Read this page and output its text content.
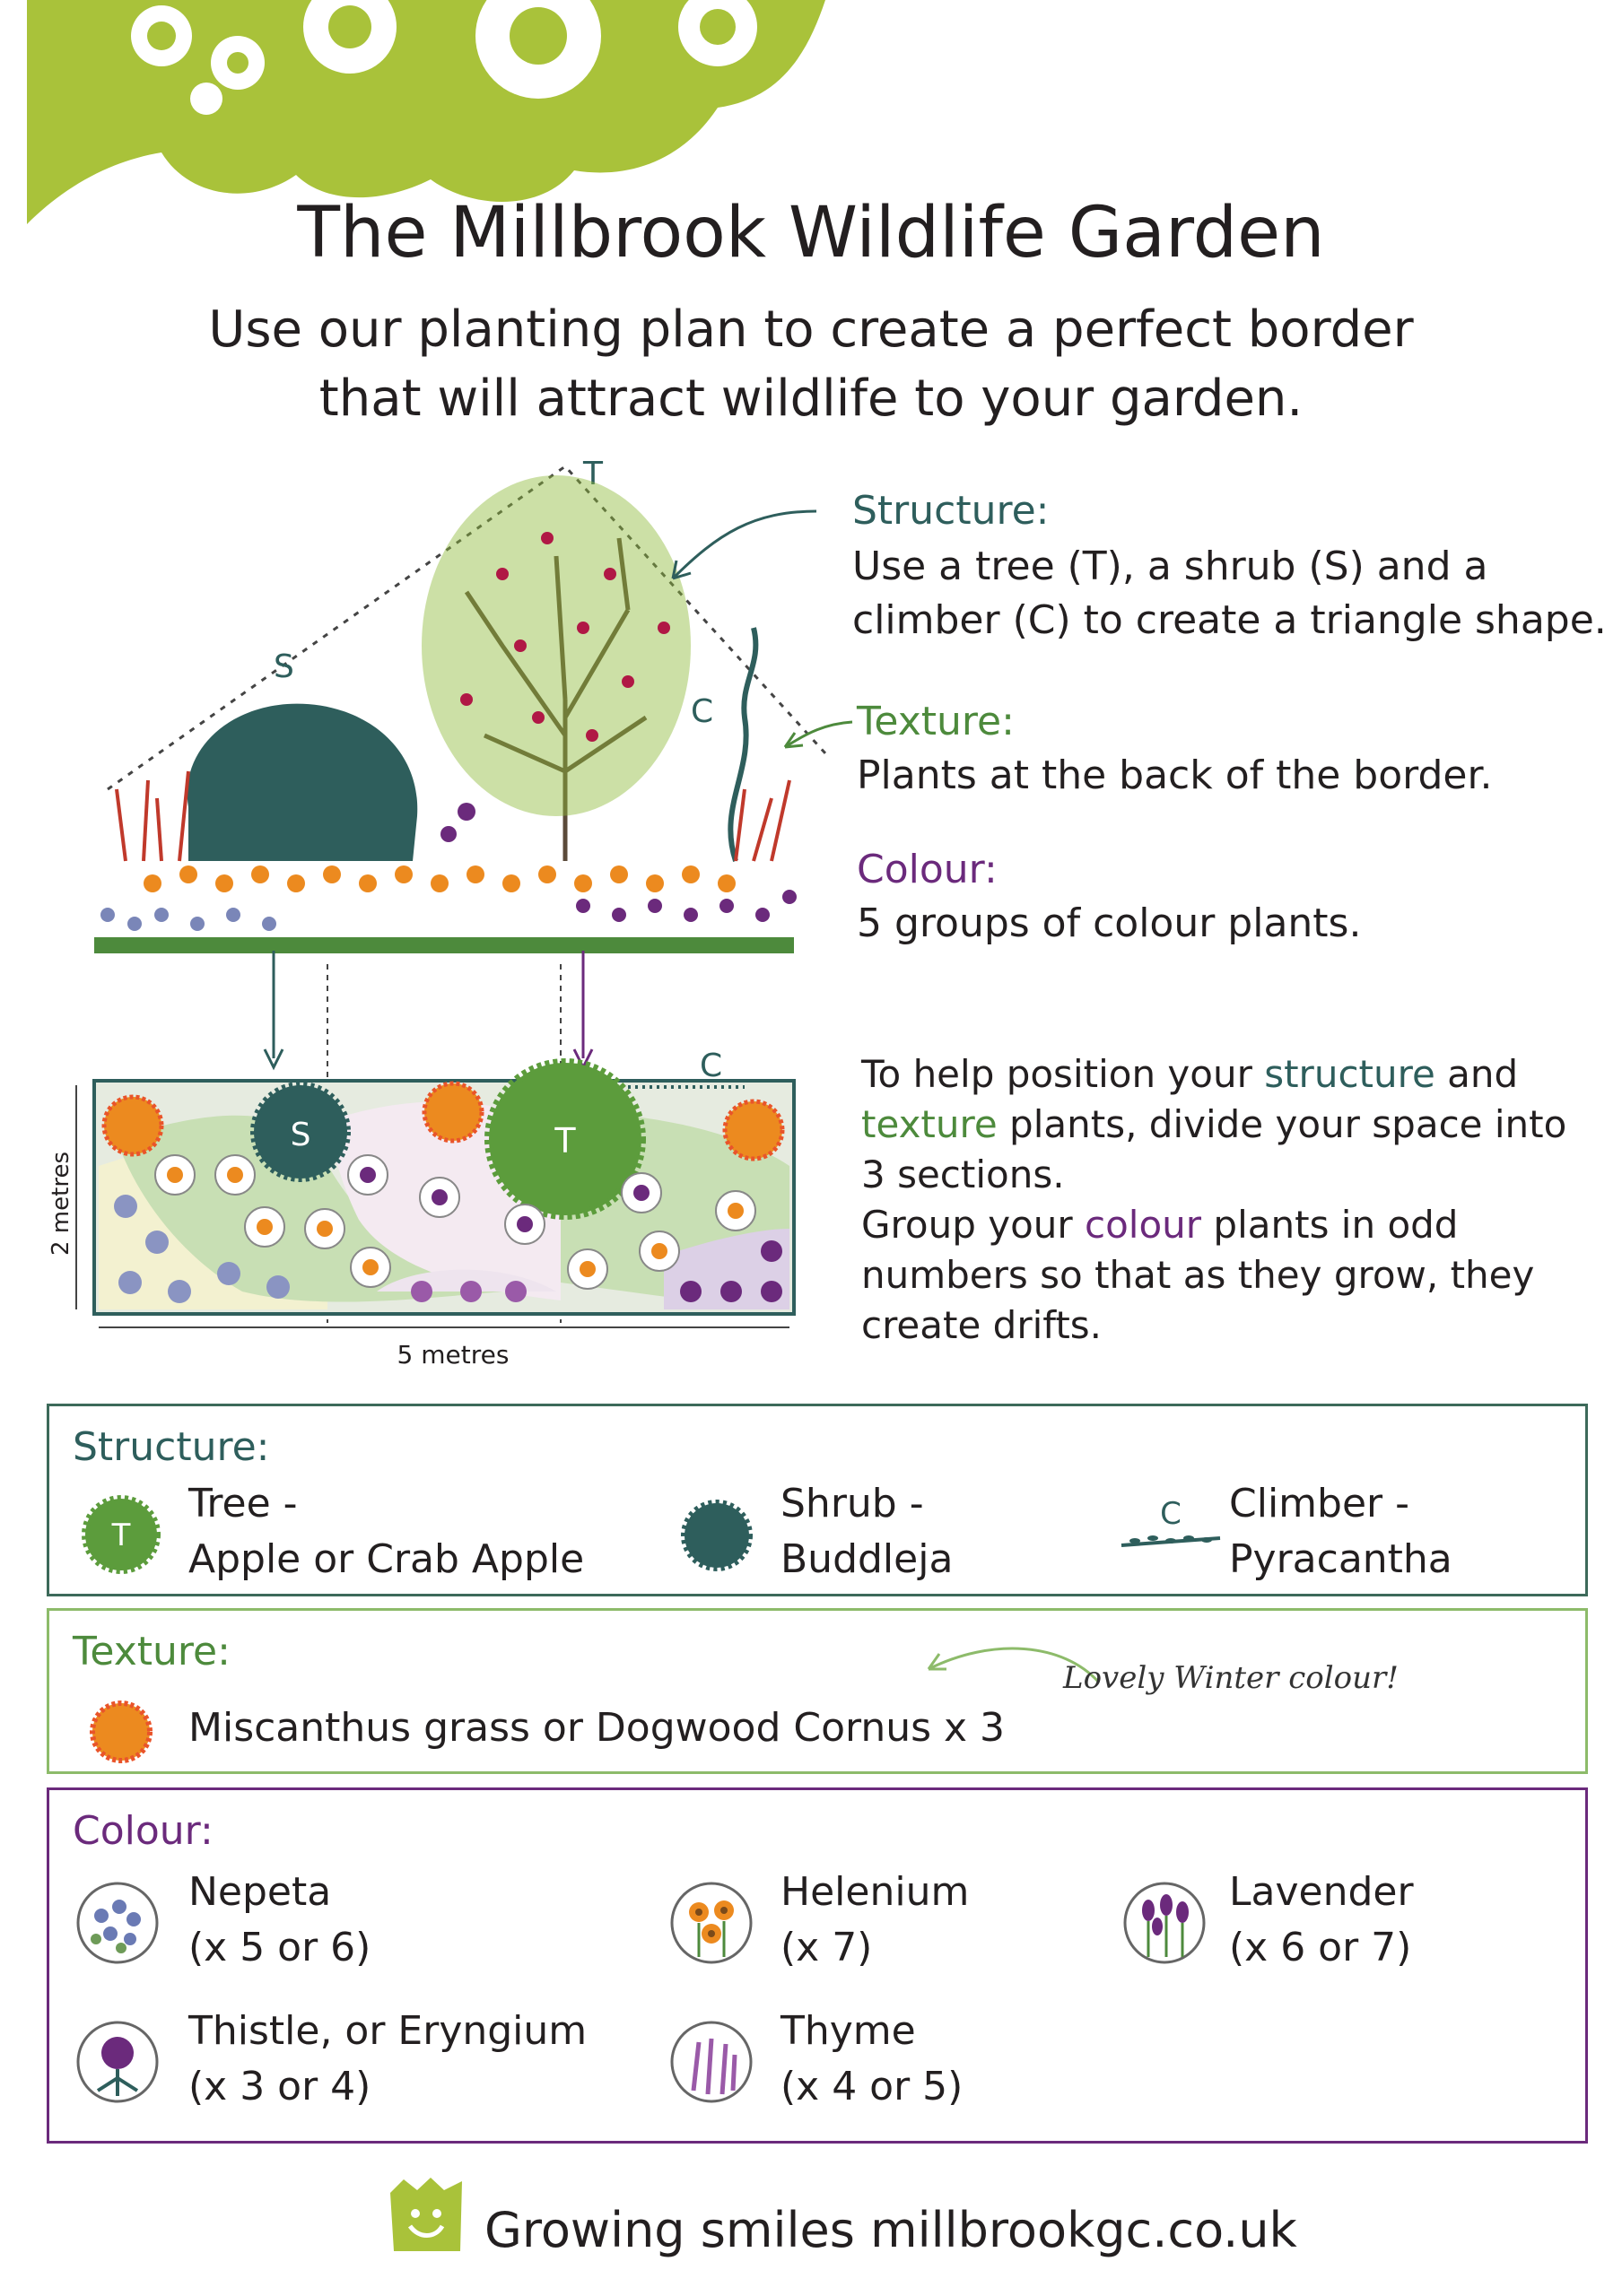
The Millbrook Wildlife Garden
Use our planting plan to create a perfect border
that will attract wildlife to your garden.
T
S
C
S	T
C
2 metres
5 metres
Structure:
Use a tree (T), a shrub (S) and a
climber (C) to create a triangle shape.
Texture:
Plants at the back of the border.
Colour:
5 groups of colour plants.
To help position your structure and
texture plants, divide your space into
3 sections.
Group your colour plants in odd
numbers so that as they grow, they
create drifts.
Structure:
T
Tree -
Apple or Crab Apple
Shrub -
Buddleja
C Climber -
Pyracantha
Texture:
Miscanthus grass or Dogwood Cornus x 3
Lovely Winter colour!
Colour:
Nepeta
(x 5 or 6)
Helenium
(x 7)
Lavender
(x 6 or 7)
Thistle, or Eryngium
(x 3 or 4)
Thyme
(x 4 or 5)
Growing smiles millbrookgc.co.uk
